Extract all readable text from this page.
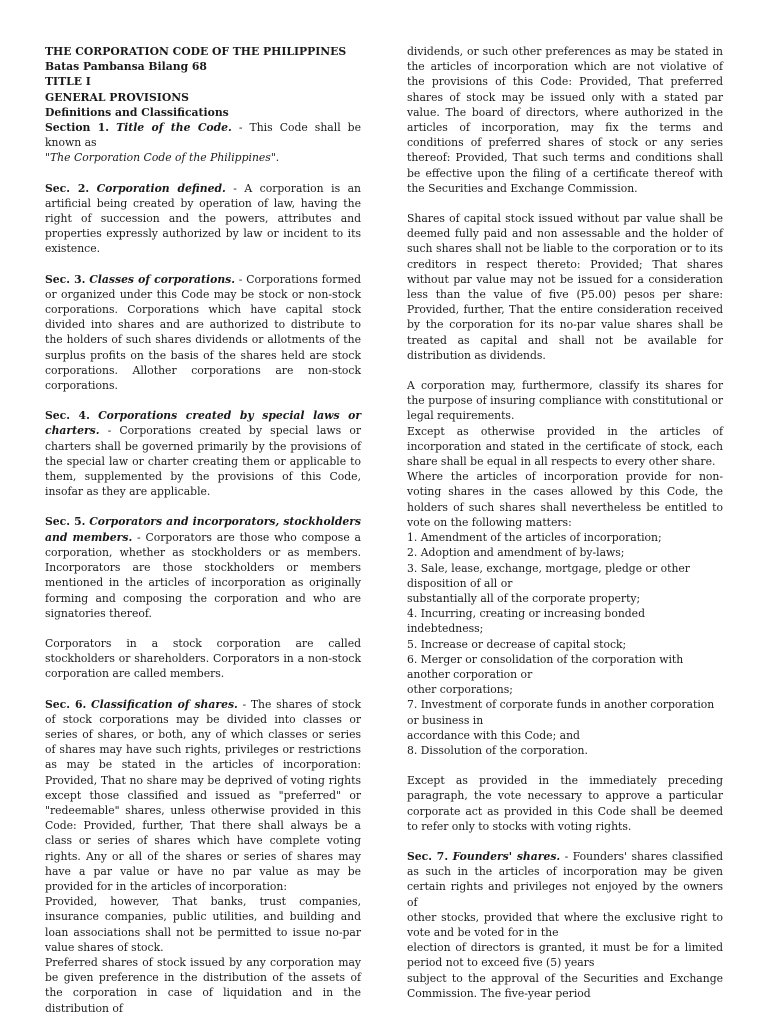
THE CORPORATION CODE OF THE PHILIPPINES

Batas Pambansa Bilang 68

TITLE I

GENERAL PROVISIONS

Definitions and Classifications

Section 1. Title of the Code. - This Code shall be known as
"The Corporation Code of the Philippines".

Sec. 2. Corporation defined. - A corporation is an artificial being created by operation of law, having the right of succession and the powers, attributes and properties expressly authorized by law or incident to its existence.

Sec. 3. Classes of corporations. - Corporations formed or organized under this Code may be stock or non-stock corporations. Corporations which have capital stock divided into shares and are authorized to distribute to the holders of such shares dividends or allotments of the surplus profits on the basis of the shares held are stock corporations. Allother corporations are non-stock corporations.

Sec. 4. Corporations created by special laws or charters. - Corporations created by special laws or charters shall be governed primarily by the provisions of the special law or charter creating them or applicable to them, supplemented by the provisions of this Code, insofar as they are applicable.

Sec. 5. Corporators and incorporators, stockholders and members. - Corporators are those who compose a corporation, whether as stockholders or as members. Incorporators are those stockholders or members mentioned in the articles of incorporation as originally forming and composing the corporation and who are signatories thereof.

Corporators in a stock corporation are called stockholders or shareholders. Corporators in a non-stock corporation are called members.

Sec. 6. Classification of shares. - The shares of stock of stock corporations may be divided into classes or series of shares, or both, any of which classes or series of shares may have such rights, privileges or restrictions as may be stated in the articles of incorporation: Provided, That no share may be deprived of voting rights except those classified and issued as "preferred" or "redeemable" shares, unless otherwise provided in this Code: Provided, further, That there shall always be a class or series of shares which have complete voting rights. Any or all of the shares or series of shares may have a par value or have no par value as may be provided for in the articles of incorporation:

Provided, however, That banks, trust companies, insurance companies, public utilities, and building and loan associations shall not be permitted to issue no-par value shares of stock.

Preferred shares of stock issued by any corporation may be given preference in the distribution of the assets of the corporation in case of liquidation and in the distribution of

dividends, or such other preferences as may be stated in the articles of incorporation which are not violative of the provisions of this Code: Provided, That preferred shares of stock may be issued only with a stated par value. The board of directors, where authorized in the articles of incorporation, may fix the terms and conditions of preferred shares of stock or any series thereof: Provided, That such terms and conditions shall be effective upon the filing of a certificate thereof with the Securities and Exchange Commission.

Shares of capital stock issued without par value shall be deemed fully paid and non assessable and the holder of such shares shall not be liable to the corporation or to its creditors in respect thereto: Provided; That shares without par value may not be issued for a consideration less than the value of five (P5.00) pesos per share: Provided, further, That the entire consideration received by the corporation for its no-par value shares shall be treated as capital and shall not be available for distribution as dividends.

A corporation may, furthermore, classify its shares for the purpose of insuring compliance with constitutional or legal requirements.

Except as otherwise provided in the articles of incorporation and stated in the certificate of stock, each share shall be equal in all respects to every other share.

Where the articles of incorporation provide for non-voting shares in the cases allowed by this Code, the holders of such shares shall nevertheless be entitled to vote on the following matters:

1. Amendment of the articles of incorporation;

2. Adoption and amendment of by-laws;

3. Sale, lease, exchange, mortgage, pledge or other disposition of all or

substantially all of the corporate property;

4. Incurring, creating or increasing bonded indebtedness;

5. Increase or decrease of capital stock;

6. Merger or consolidation of the corporation with another corporation or

other corporations;

7. Investment of corporate funds in another corporation or business in

accordance with this Code; and

8. Dissolution of the corporation.

Except as provided in the immediately preceding paragraph, the vote necessary to approve a particular corporate act as provided in this Code shall be deemed to refer only to stocks with voting rights.

Sec. 7. Founders' shares. - Founders' shares classified as such in the articles of incorporation may be given certain rights and privileges not enjoyed by the owners of

other stocks, provided that where the exclusive right to vote and be voted for in the

election of directors is granted, it must be for a limited period not to exceed five (5) years

subject to the approval of the Securities and Exchange Commission. The five-year period
